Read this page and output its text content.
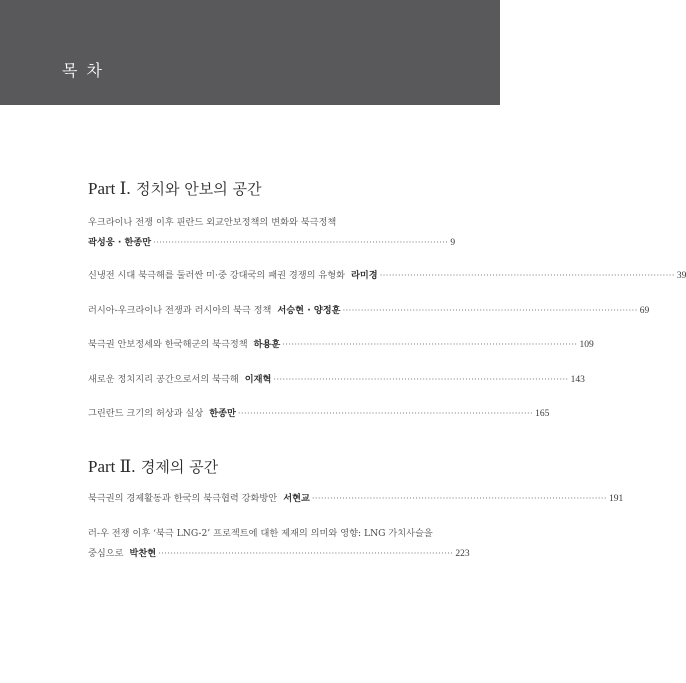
목차
Part Ⅰ. 정치와 안보의 공간
우크라이나 전쟁 이후 핀란드 외교안보정책의 변화와 북극정책
곽성웅 · 한종만 ································································································· 9
신냉전 시대 북극해를 둘러싼 미·중 강대국의 패권 경쟁의 유형화 라미경 ································································································· 39
러시아-우크라이나 전쟁과 러시아의 북극 정책 서승현 · 양정훈 ································································································· 69
북극권 안보정세와 한국해군의 북극정책 하용훈 ································································································· 109
새로운 정치지리 공간으로서의 북극해 이재혁 ································································································· 143
그린란드 크기의 허상과 실상 한종만 ································································································· 165
Part Ⅱ. 경제의 공간
북극권의 경제활동과 한국의 북극협력 강화방안 서현교 ································································································· 191
러-우 전쟁 이후 ‘북극 LNG-2’ 프로젝트에 대한 제재의 의미와 영향: LNG 가치사슬을
중심으로 박찬현 ································································································· 223
